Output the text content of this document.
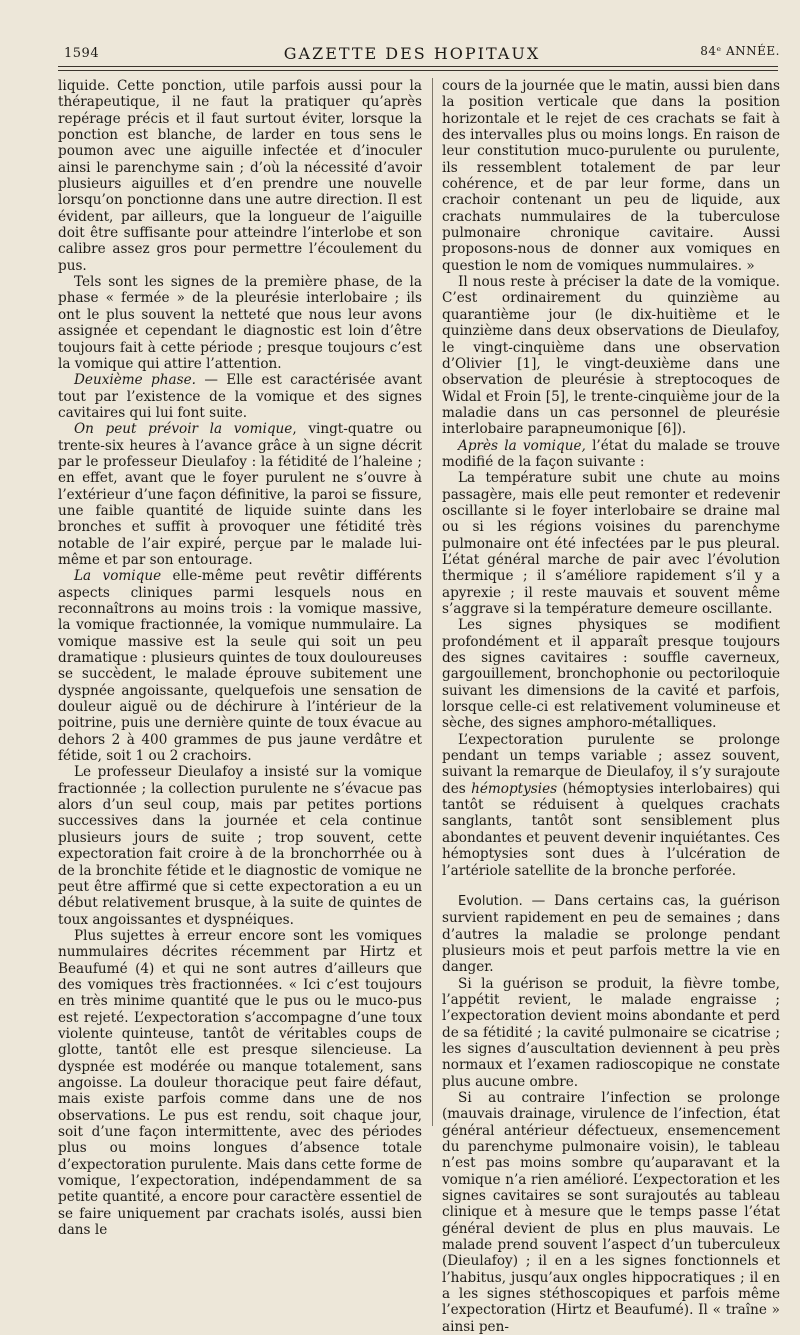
1594	GAZETTE DES HOPITAUX	84ᵉ ANNÉE.

liquide. Cette ponction, utile parfois aussi pour la thérapeutique, il ne faut la pratiquer qu’après repérage précis et il faut surtout éviter, lorsque la ponction est blanche, de larder en tous sens le poumon avec une aiguille infectée et d’inoculer ainsi le parenchyme sain ; d’où la nécessité d’avoir plusieurs aiguilles et d’en prendre une nouvelle lorsqu’on ponctionne dans une autre direction. Il est évident, par ailleurs, que la longueur de l’aiguille doit être suffisante pour atteindre l’interlobe et son calibre assez gros pour permettre l’écoulement du pus.

Tels sont les signes de la première phase, de la phase « fermée » de la pleurésie interlobaire ; ils ont le plus souvent la netteté que nous leur avons assignée et cependant le diagnostic est loin d’être toujours fait à cette période ; presque toujours c’est la vomique qui attire l’attention.

Deuxième phase. — Elle est caractérisée avant tout par l’existence de la vomique et des signes cavitaires qui lui font suite.

On peut prévoir la vomique, vingt-quatre ou trente-six heures à l’avance grâce à un signe décrit par le professeur Dieulafoy : la fétidité de l’haleine ; en effet, avant que le foyer purulent ne s’ouvre à l’extérieur d’une façon définitive, la paroi se fissure, une faible quantité de liquide suinte dans les bronches et suffit à provoquer une fétidité très notable de l’air expiré, perçue par le malade lui-même et par son entourage.

La vomique elle-même peut revêtir différents aspects cliniques parmi lesquels nous en reconnaîtrons au moins trois : la vomique massive, la vomique fractionnée, la vomique nummulaire. La vomique massive est la seule qui soit un peu dramatique : plusieurs quintes de toux douloureuses se succèdent, le malade éprouve subitement une dyspnée angoissante, quelquefois une sensation de douleur aiguë ou de déchirure à l’intérieur de la poitrine, puis une dernière quinte de toux évacue au dehors 2 à 400 grammes de pus jaune verdâtre et fétide, soit 1 ou 2 crachoirs.

Le professeur Dieulafoy a insisté sur la vomique fractionnée ; la collection purulente ne s’évacue pas alors d’un seul coup, mais par petites portions successives dans la journée et cela continue plusieurs jours de suite ; trop souvent, cette expectoration fait croire à de la bronchorrhée ou à de la bronchite fétide et le diagnostic de vomique ne peut être affirmé que si cette expectoration a eu un début relativement brusque, à la suite de quintes de toux angoissantes et dyspnéiques.

Plus sujettes à erreur encore sont les vomiques nummulaires décrites récemment par Hirtz et Beaufumé (4) et qui ne sont autres d’ailleurs que des vomiques très fractionnées. « Ici c’est toujours en très minime quantité que le pus ou le muco-pus est rejeté. L’expectoration s’accompagne d’une toux violente quinteuse, tantôt de véritables coups de glotte, tantôt elle est presque silencieuse. La dyspnée est modérée ou manque totalement, sans angoisse. La douleur thoracique peut faire défaut, mais existe parfois comme dans une de nos observations. Le pus est rendu, soit chaque jour, soit d’une façon intermittente, avec des périodes plus ou moins longues d’absence totale d’expectoration purulente. Mais dans cette forme de vomique, l’expectoration, indépendamment de sa petite quantité, a encore pour caractère essentiel de se faire uniquement par crachats isolés, aussi bien dans le

cours de la journée que le matin, aussi bien dans la position verticale que dans la position horizontale et le rejet de ces crachats se fait à des intervalles plus ou moins longs. En raison de leur constitution muco-purulente ou purulente, ils ressemblent totalement de par leur cohérence, et de par leur forme, dans un crachoir contenant un peu de liquide, aux crachats nummulaires de la tuberculose pulmonaire chronique cavitaire. Aussi proposons-nous de donner aux vomiques en question le nom de vomiques nummulaires. »

Il nous reste à préciser la date de la vomique. C’est ordinairement du quinzième au quarantième jour (le dix-huitième et le quinzième dans deux observations de Dieulafoy, le vingt-cinquième dans une observation d’Olivier [1], le vingt-deuxième dans une observation de pleurésie à streptocoques de Widal et Froin [5], le trente-cinquième jour de la maladie dans un cas personnel de pleurésie interlobaire parapneumonique [6]).

Après la vomique, l’état du malade se trouve modifié de la façon suivante :

La température subit une chute au moins passagère, mais elle peut remonter et redevenir oscillante si le foyer interlobaire se draine mal ou si les régions voisines du parenchyme pulmonaire ont été infectées par le pus pleural. L’état général marche de pair avec l’évolution thermique ; il s’améliore rapidement s’il y a apyrexie ; il reste mauvais et souvent même s’aggrave si la température demeure oscillante.

Les signes physiques se modifient profondément et il apparaît presque toujours des signes cavitaires : souffle caverneux, gargouillement, bronchophonie ou pectoriloquie suivant les dimensions de la cavité et parfois, lorsque celle-ci est relativement volumineuse et sèche, des signes amphoro-métalliques.

L’expectoration purulente se prolonge pendant un temps variable ; assez souvent, suivant la remarque de Dieulafoy, il s’y surajoute des hémoptysies (hémoptysies interlobaires) qui tantôt se réduisent à quelques crachats sanglants, tantôt sont sensiblement plus abondantes et peuvent devenir inquiétantes. Ces hémoptysies sont dues à l’ulcération de l’artériole satellite de la bronche perforée.

Evolution. — Dans certains cas, la guérison survient rapidement en peu de semaines ; dans d’autres la maladie se prolonge pendant plusieurs mois et peut parfois mettre la vie en danger.

Si la guérison se produit, la fièvre tombe, l’appétit revient, le malade engraisse ; l’expectoration devient moins abondante et perd de sa fétidité ; la cavité pulmonaire se cicatrise ; les signes d’auscultation deviennent à peu près normaux et l’examen radioscopique ne constate plus aucune ombre.

Si au contraire l’infection se prolonge (mauvais drainage, virulence de l’infection, état général antérieur défectueux, ensemencement du parenchyme pulmonaire voisin), le tableau n’est pas moins sombre qu’auparavant et la vomique n’a rien amélioré. L’expectoration et les signes cavitaires se sont surajoutés au tableau clinique et à mesure que le temps passe l’état général devient de plus en plus mauvais. Le malade prend souvent l’aspect d’un tuberculeux (Dieulafoy) ; il en a les signes fonctionnels et l’habitus, jusqu’aux ongles hippocratiques ; il en a les signes stéthoscopiques et parfois même l’expectoration (Hirtz et Beaufumé). Il « traîne » ainsi pen-
